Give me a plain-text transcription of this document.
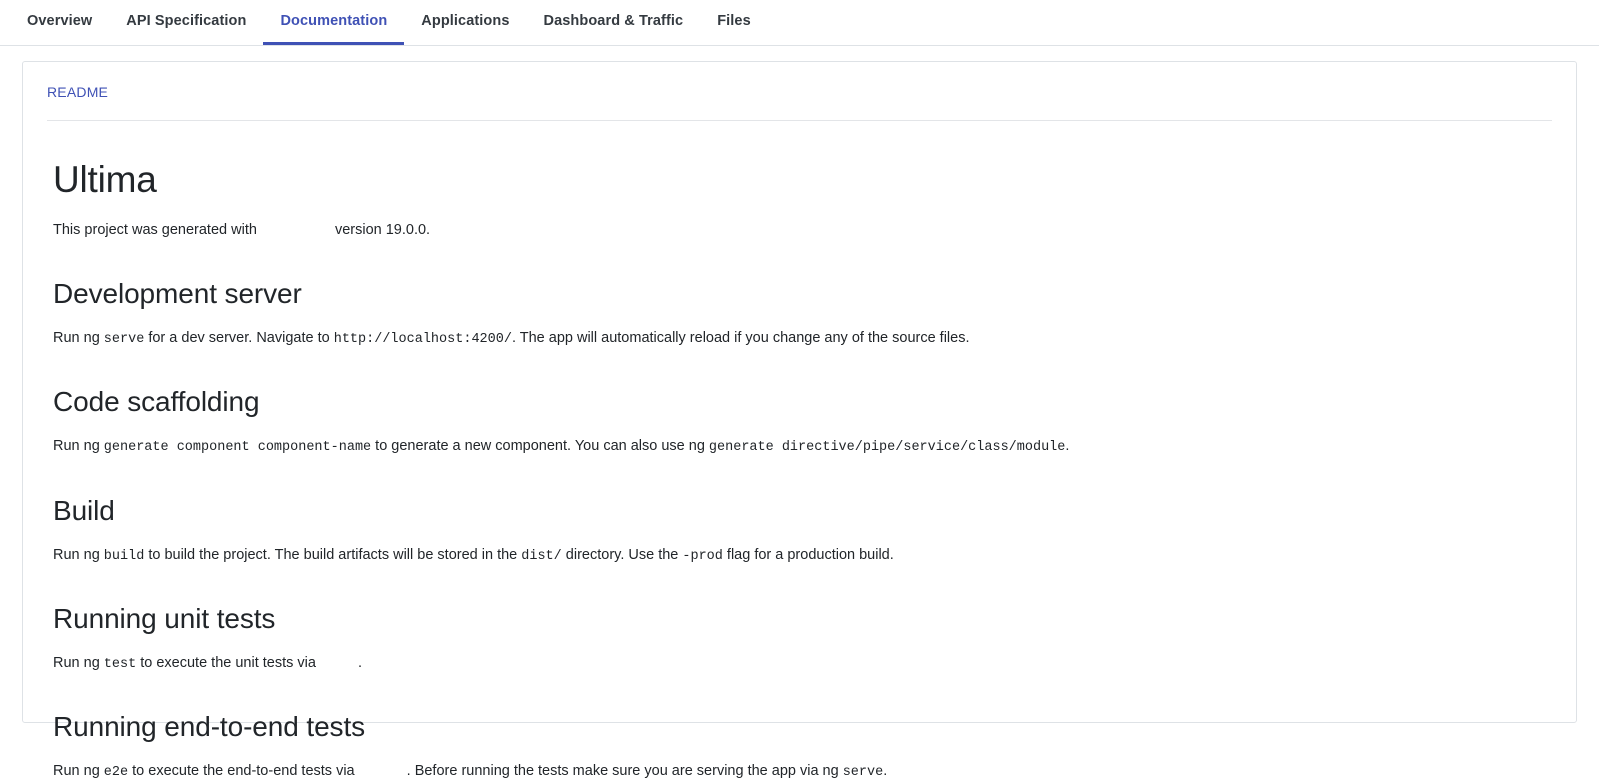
Overview	API Specification	Documentation	Applications	Dashboard & Traffic	Files
README
Ultima

This project was generated with	version 19.0.0.

Development server

Run ng serve for a dev server. Navigate to http://localhost:4200/. The app will automatically reload if you change any of the source files.

Code scaffolding

Run ng generate component component-name to generate a new component. You can also use ng generate directive/pipe/service/class/module.

Build

Run ng build to build the project. The build artifacts will be stored in the dist/ directory. Use the -prod flag for a production build.

Running unit tests

Run ng test to execute the unit tests via	.

Running end-to-end tests

Run ng e2e to execute the end-to-end tests via	. Before running the tests make sure you are serving the app via ng serve.
